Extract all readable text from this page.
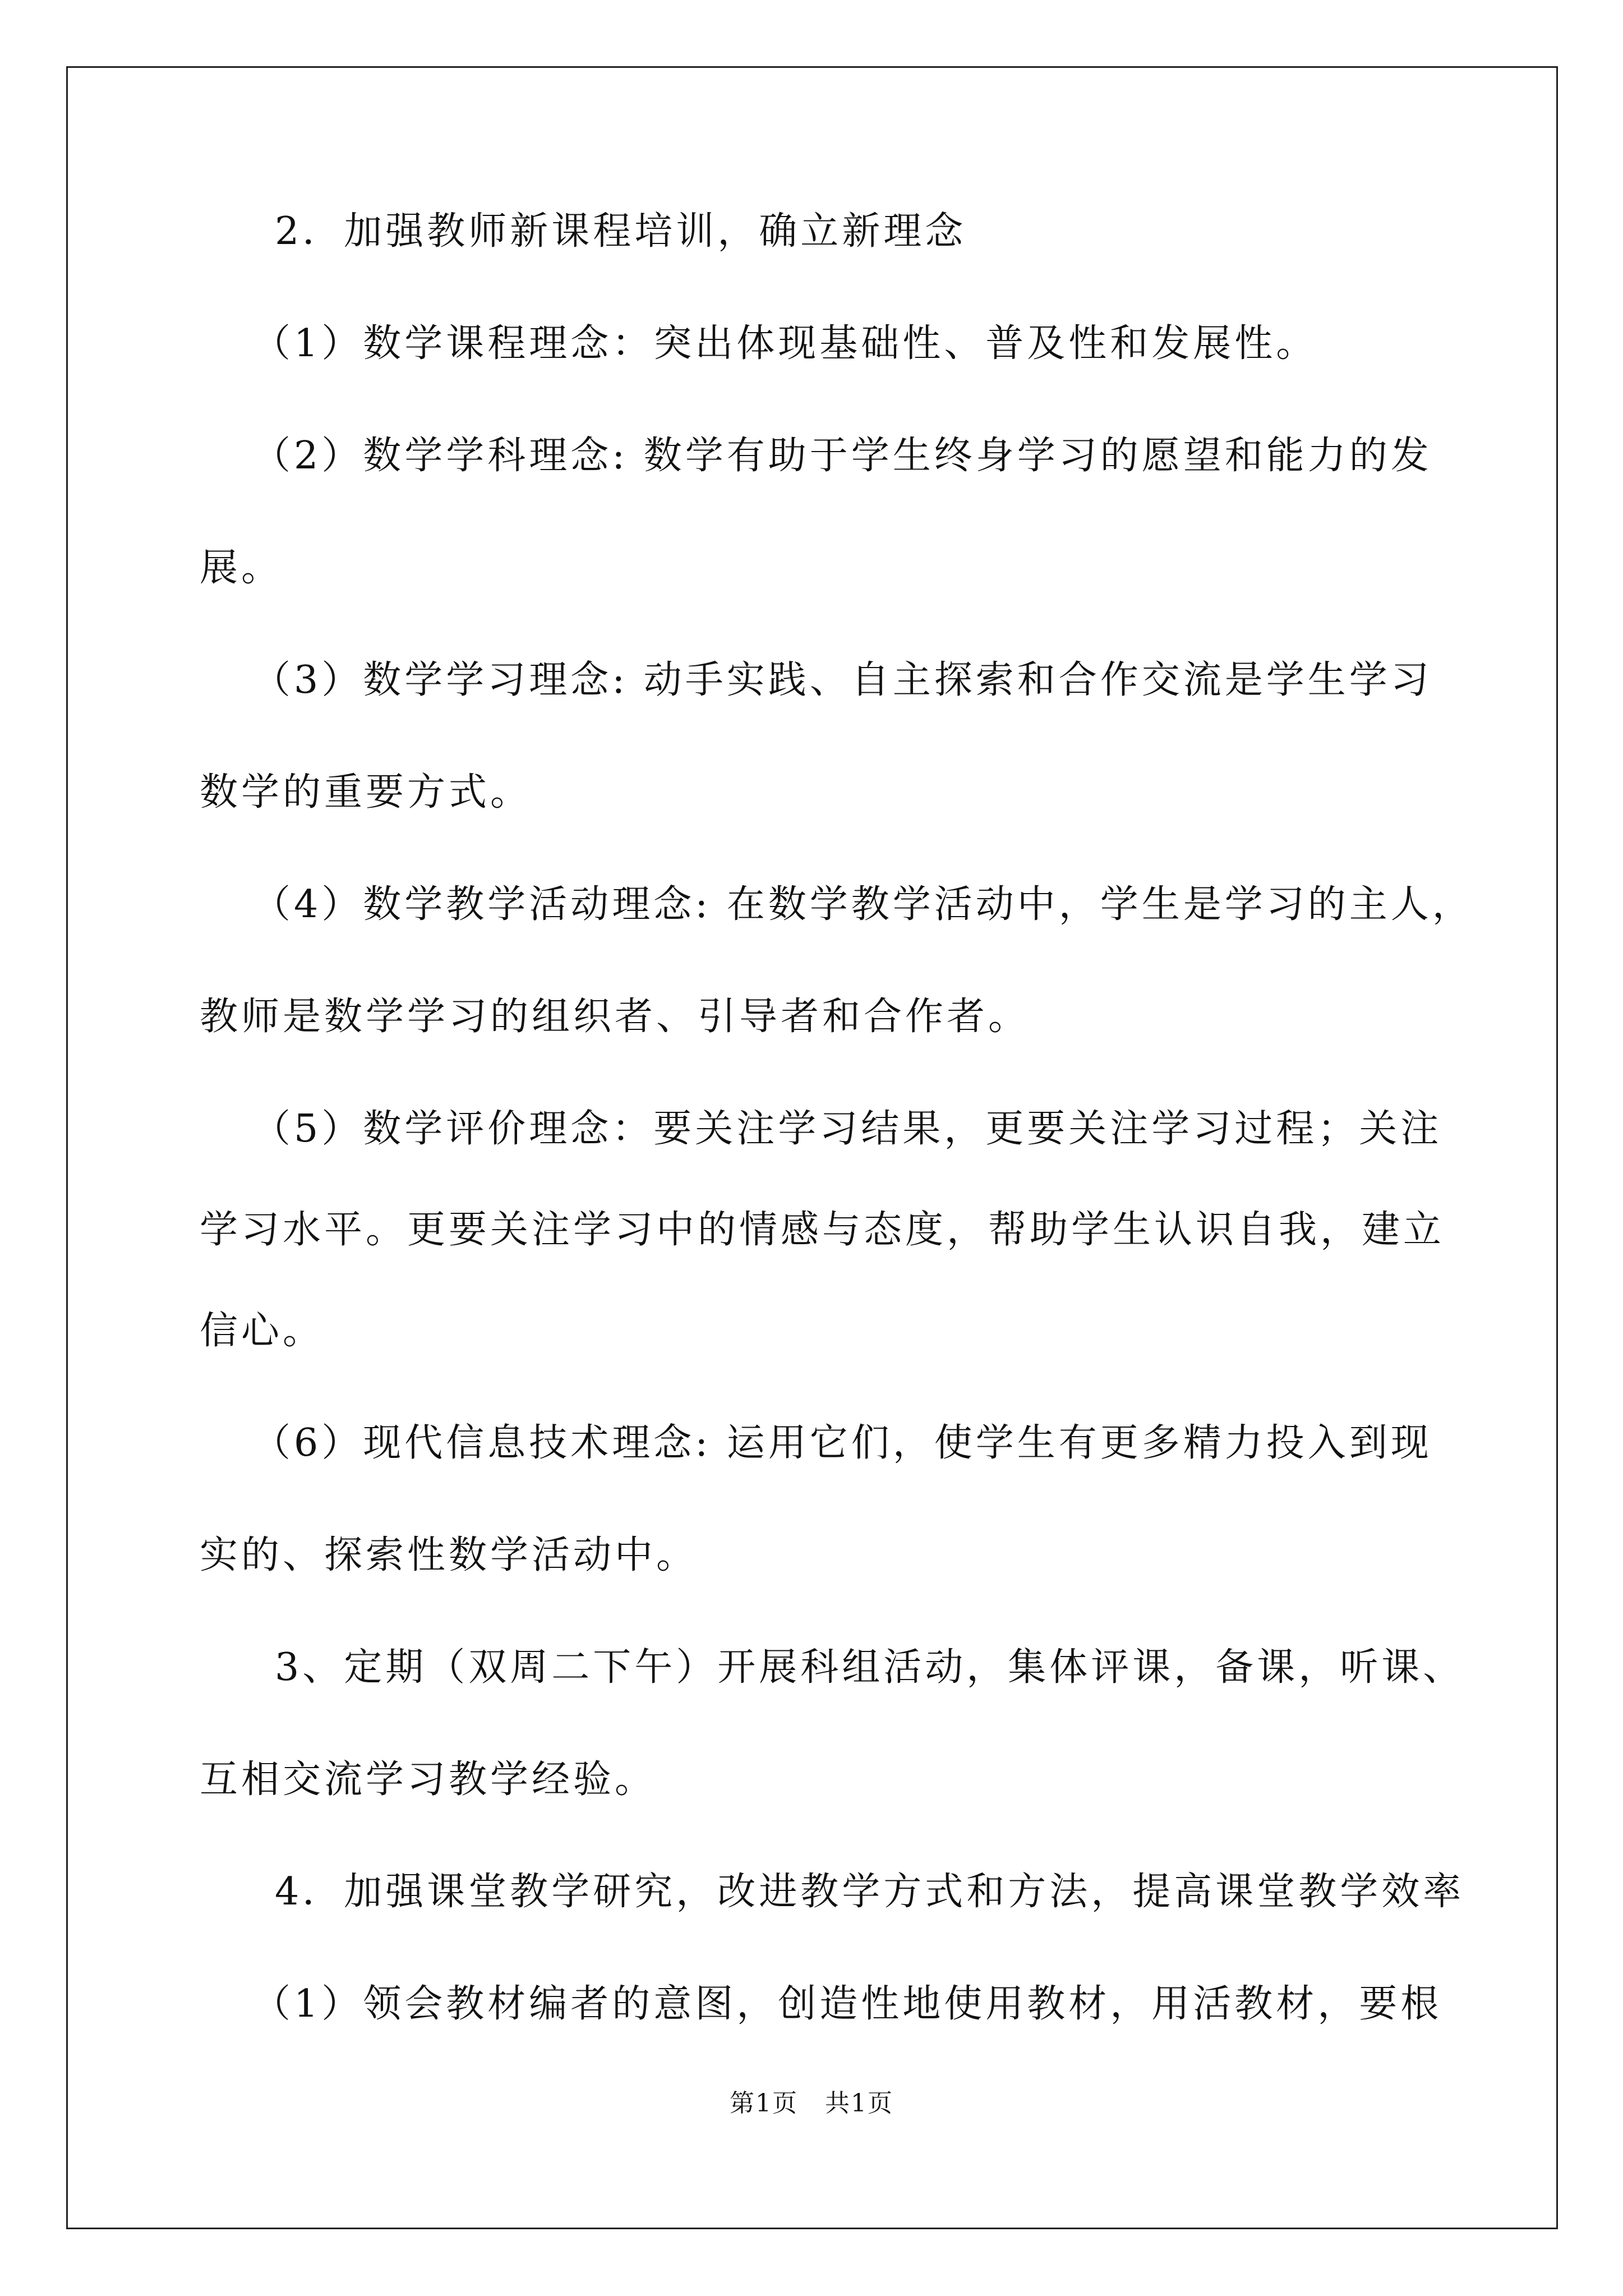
2．加强教师新课程培训，确立新理念
（1）数学课程理念：突出体现基础性、普及性和发展性。
（2）数学学科理念: 数学有助于学生终身学习的愿望和能力的发
展。
（3）数学学习理念: 动手实践、自主探索和合作交流是学生学习
数学的重要方式。
（4）数学教学活动理念: 在数学教学活动中，学生是学习的主人，
教师是数学学习的组织者、引导者和合作者。
（5）数学评价理念：要关注学习结果，更要关注学习过程；关注
学习水平。更要关注学习中的情感与态度，帮助学生认识自我，建立
信心。
（6）现代信息技术理念: 运用它们，使学生有更多精力投入到现
实的、探索性数学活动中。
3、定期（双周二下午）开展科组活动，集体评课，备课，听课、
互相交流学习教学经验。
4．加强课堂教学研究，改进教学方式和方法，提高课堂教学效率
（1）领会教材编者的意图，创造性地使用教材，用活教材，要根
第1页   共1页
